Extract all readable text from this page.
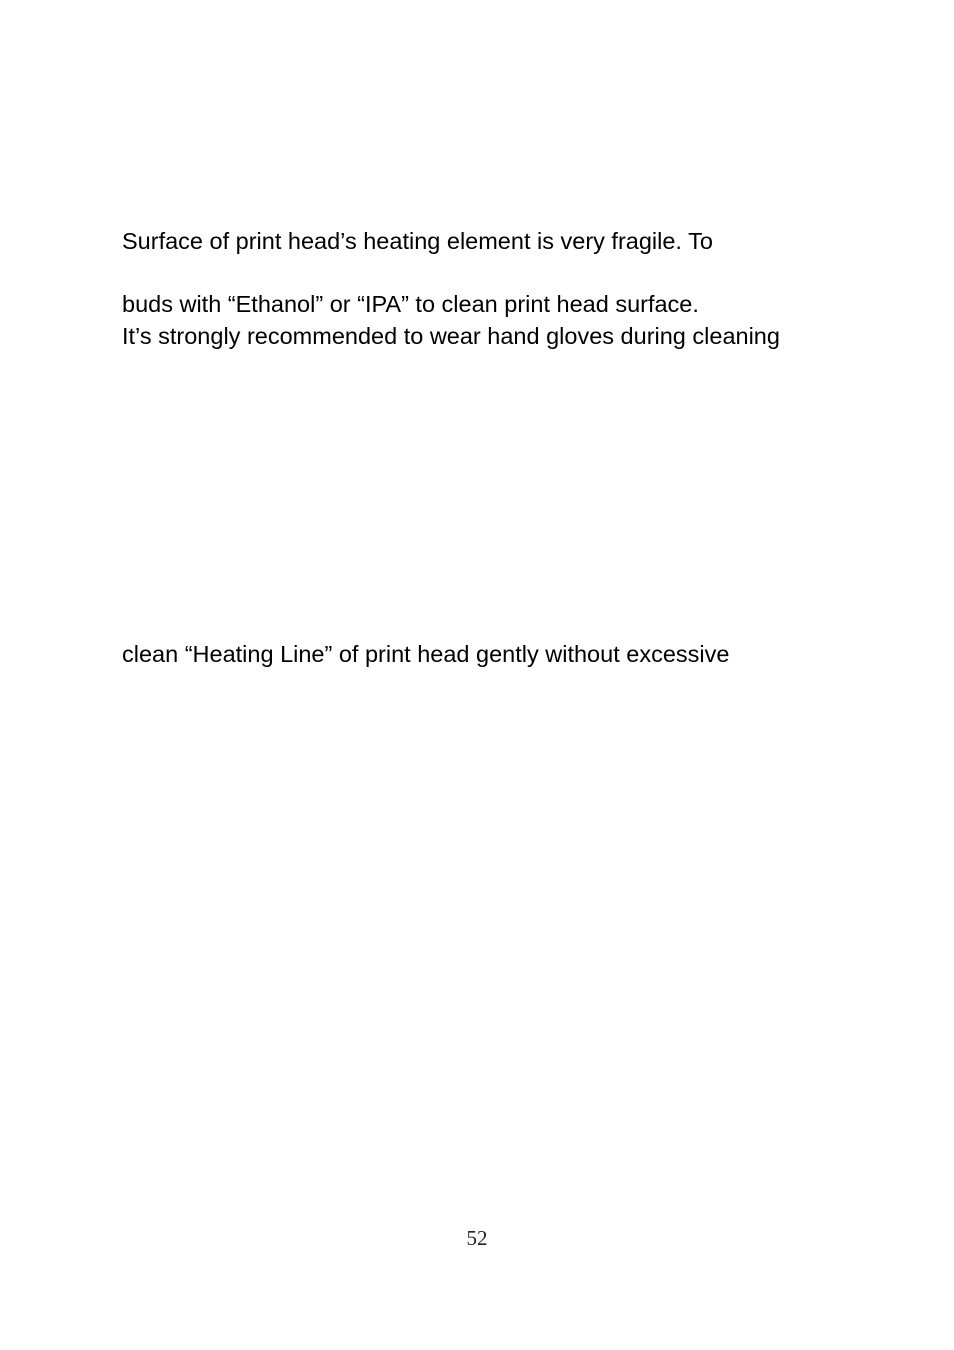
Surface of print head’s heating element is very fragile. To
buds with “Ethanol” or “IPA” to clean print head surface.
It’s strongly recommended to wear hand gloves during cleaning
clean “Heating Line” of print head gently without excessive
52
